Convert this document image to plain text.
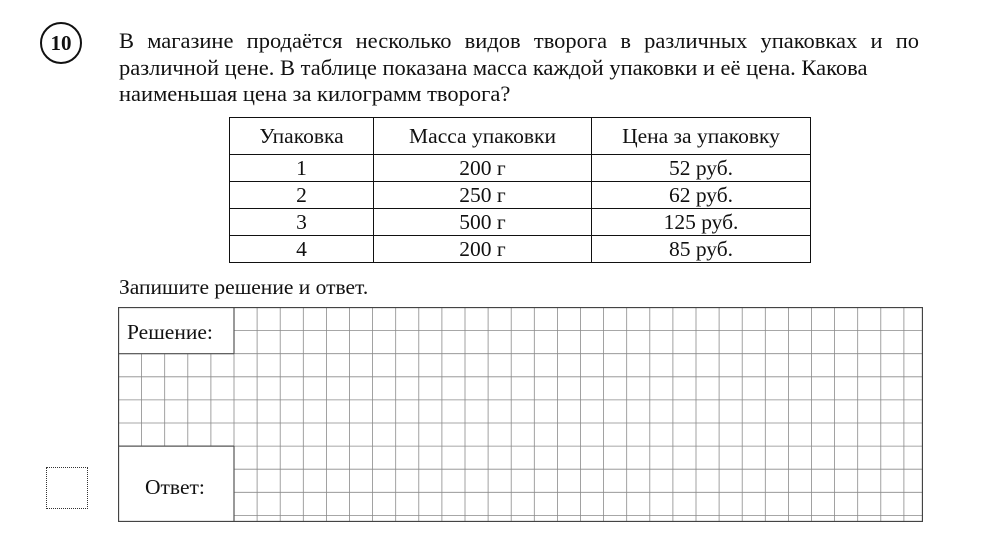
10	В магазине продаётся несколько видов творога в различных упаковках и по различной цене. В таблице показана масса каждой упаковки и её цена. Какова
наименьшая цена за килограмм творога?

Упаковка	Масса упаковки	Цена за упаковку
1	200 г	52 руб.
2	250 г	62 руб.
3	500 г	125 руб.
4	200 г	85 руб.

Запишите решение и ответ.

Решение:
Ответ:
